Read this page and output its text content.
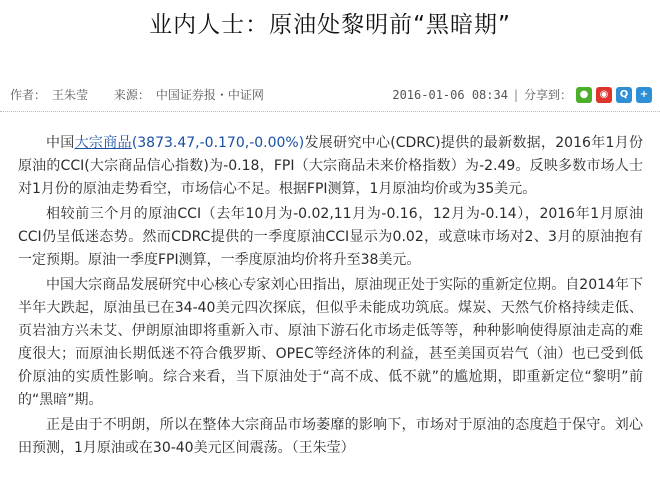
业内人士：原油处黎明前“黑暗期”
作者： 王朱莹 来源： 中国证券报・中证网	2016-01-06 08:34 | 分享到： ●	◉	Q	+

中国大宗商品(3873.47,-0.170,-0.00%)发展研究中心(CDRC)提供的最新数据，2016年1月份原油的CCI(大宗商品信心指数)为-0.18，FPI（大宗商品未来价格指数）为-2.49。反映多数市场人士对1月份的原油走势看空，市场信心不足。根据FPI测算，1月原油均价或为35美元。

相较前三个月的原油CCI（去年10月为-0.02,11月为-0.16，12月为-0.14），2016年1月原油CCI仍呈低迷态势。然而CDRC提供的一季度原油CCI显示为0.02，或意味市场对2、3月的原油抱有一定预期。原油一季度FPI测算，一季度原油均价将升至38美元。

中国大宗商品发展研究中心核心专家刘心田指出，原油现正处于实际的重新定位期。自2014年下半年大跌起，原油虽已在34-40美元四次探底，但似乎未能成功筑底。煤炭、天然气价格持续走低、页岩油方兴未艾、伊朗原油即将重新入市、原油下游石化市场走低等等，种种影响使得原油走高的难度很大；而原油长期低迷不符合俄罗斯、OPEC等经济体的利益，甚至美国页岩气（油）也已受到低价原油的实质性影响。综合来看，当下原油处于“高不成、低不就”的尴尬期，即重新定位“黎明”前的“黑暗”期。

正是由于不明朗，所以在整体大宗商品市场萎靡的影响下，市场对于原油的态度趋于保守。刘心田预测，1月原油或在30-40美元区间震荡。（王朱莹）
